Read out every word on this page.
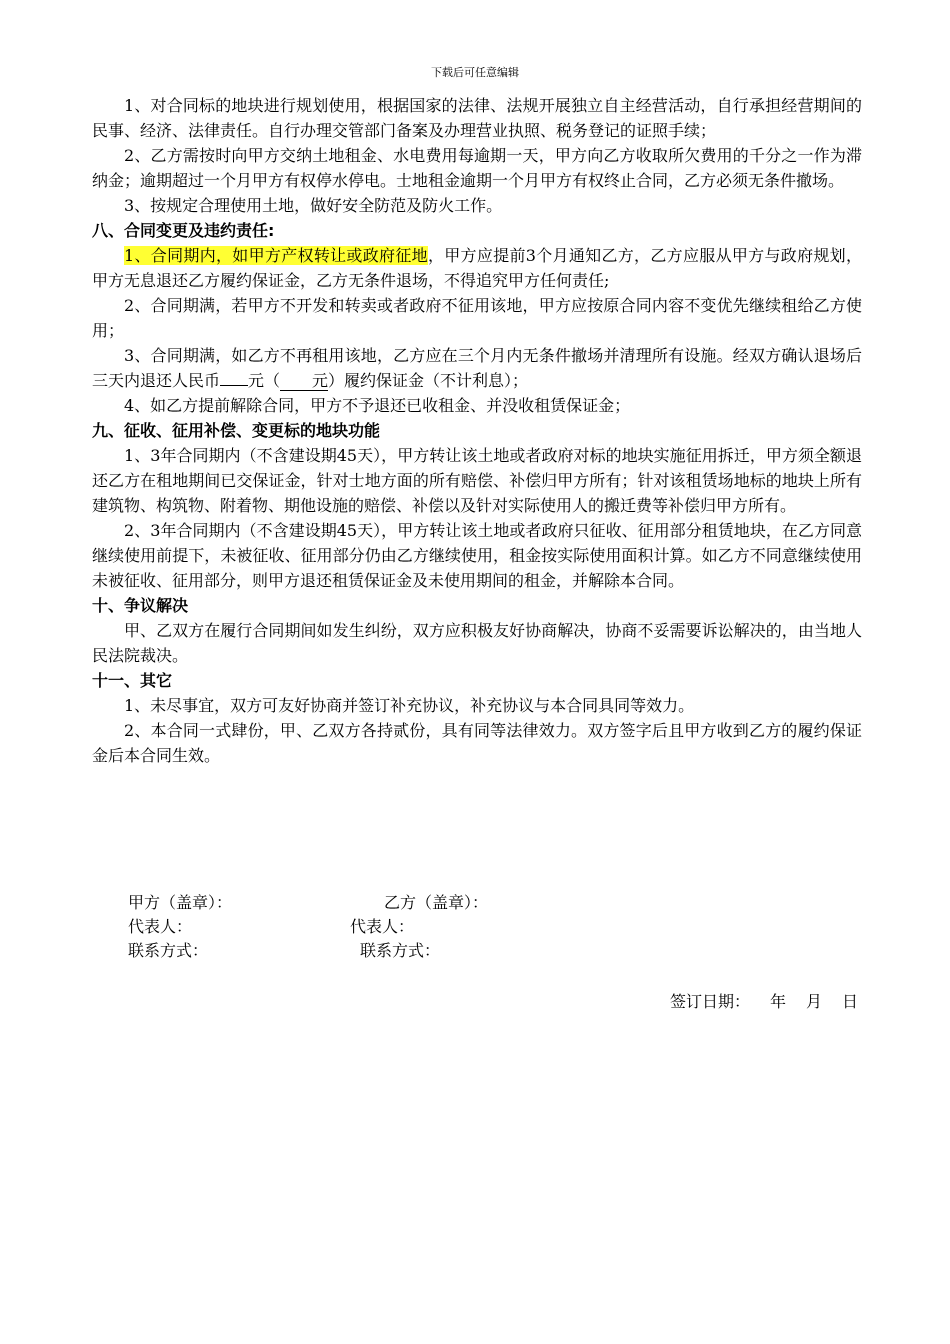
下载后可任意编辑

1、对合同标的地块进行规划使用，根据国家的法律、法规开展独立自主经营活动，自行承担经营期间的民事、经济、法律责任。自行办理交管部门备案及办理营业执照、税务登记的证照手续；

2、乙方需按时向甲方交纳土地租金、水电费用每逾期一天，甲方向乙方收取所欠费用的千分之一作为滞纳金；逾期超过一个月甲方有权停水停电。士地租金逾期一个月甲方有权终止合同，乙方必须无条件撤场。

3、按规定合理使用土地，做好安全防范及防火工作。

八、合同变更及违约责任:

1、合同期内，如甲方产权转让或政府征地，甲方应提前3个月通知乙方，乙方应服从甲方与政府规划，甲方无息退还乙方履约保证金，乙方无条件退场，不得追究甲方任何责任;

2、合同期满，若甲方不开发和转卖或者政府不征用该地，甲方应按原合同内容不变优先继续租给乙方使用；

3、合同期满，如乙方不再租用该地，乙方应在三个月内无条件撤场并清理所有设施。经双方确认退场后三天内退还人民币 元（ 元）履约保证金（不计利息）；

4、如乙方提前解除合同，甲方不予退还已收租金、并没收租赁保证金；

九、征收、征用补偿、变更标的地块功能

1、3年合同期内（不含建设期45天），甲方转让该土地或者政府对标的地块实施征用拆迁，甲方须全额退还乙方在租地期间已交保证金，针对士地方面的所有赔偿、补偿归甲方所有；针对该租赁场地标的地块上所有建筑物、构筑物、附着物、期他设施的赔偿、补偿以及针对实际使用人的搬迁费等补偿归甲方所有。

2、3年合同期内（不含建设期45天），甲方转让该土地或者政府只征收、征用部分租赁地块，在乙方同意继续使用前提下，未被征收、征用部分仍由乙方继续使用，租金按实际使用面积计算。如乙方不同意继续使用未被征收、征用部分，则甲方退还租赁保证金及未使用期间的租金，并解除本合同。

十、争议解决

甲、乙双方在履行合同期间如发生纠纷，双方应积极友好协商解决，协商不妥需要诉讼解决的，由当地人民法院裁决。

十一、其它

1、未尽事宜，双方可友好协商并签订补充协议，补充协议与本合同具同等效力。

2、本合同一式肆份，甲、乙双方各持贰份，具有同等法律效力。双方签字后且甲方收到乙方的履约保证金后本合同生效。

甲方（盖章）：	乙方（盖章）：
代表人：	代表人：
联系方式：	联系方式：
签订日期： 年 月 日
